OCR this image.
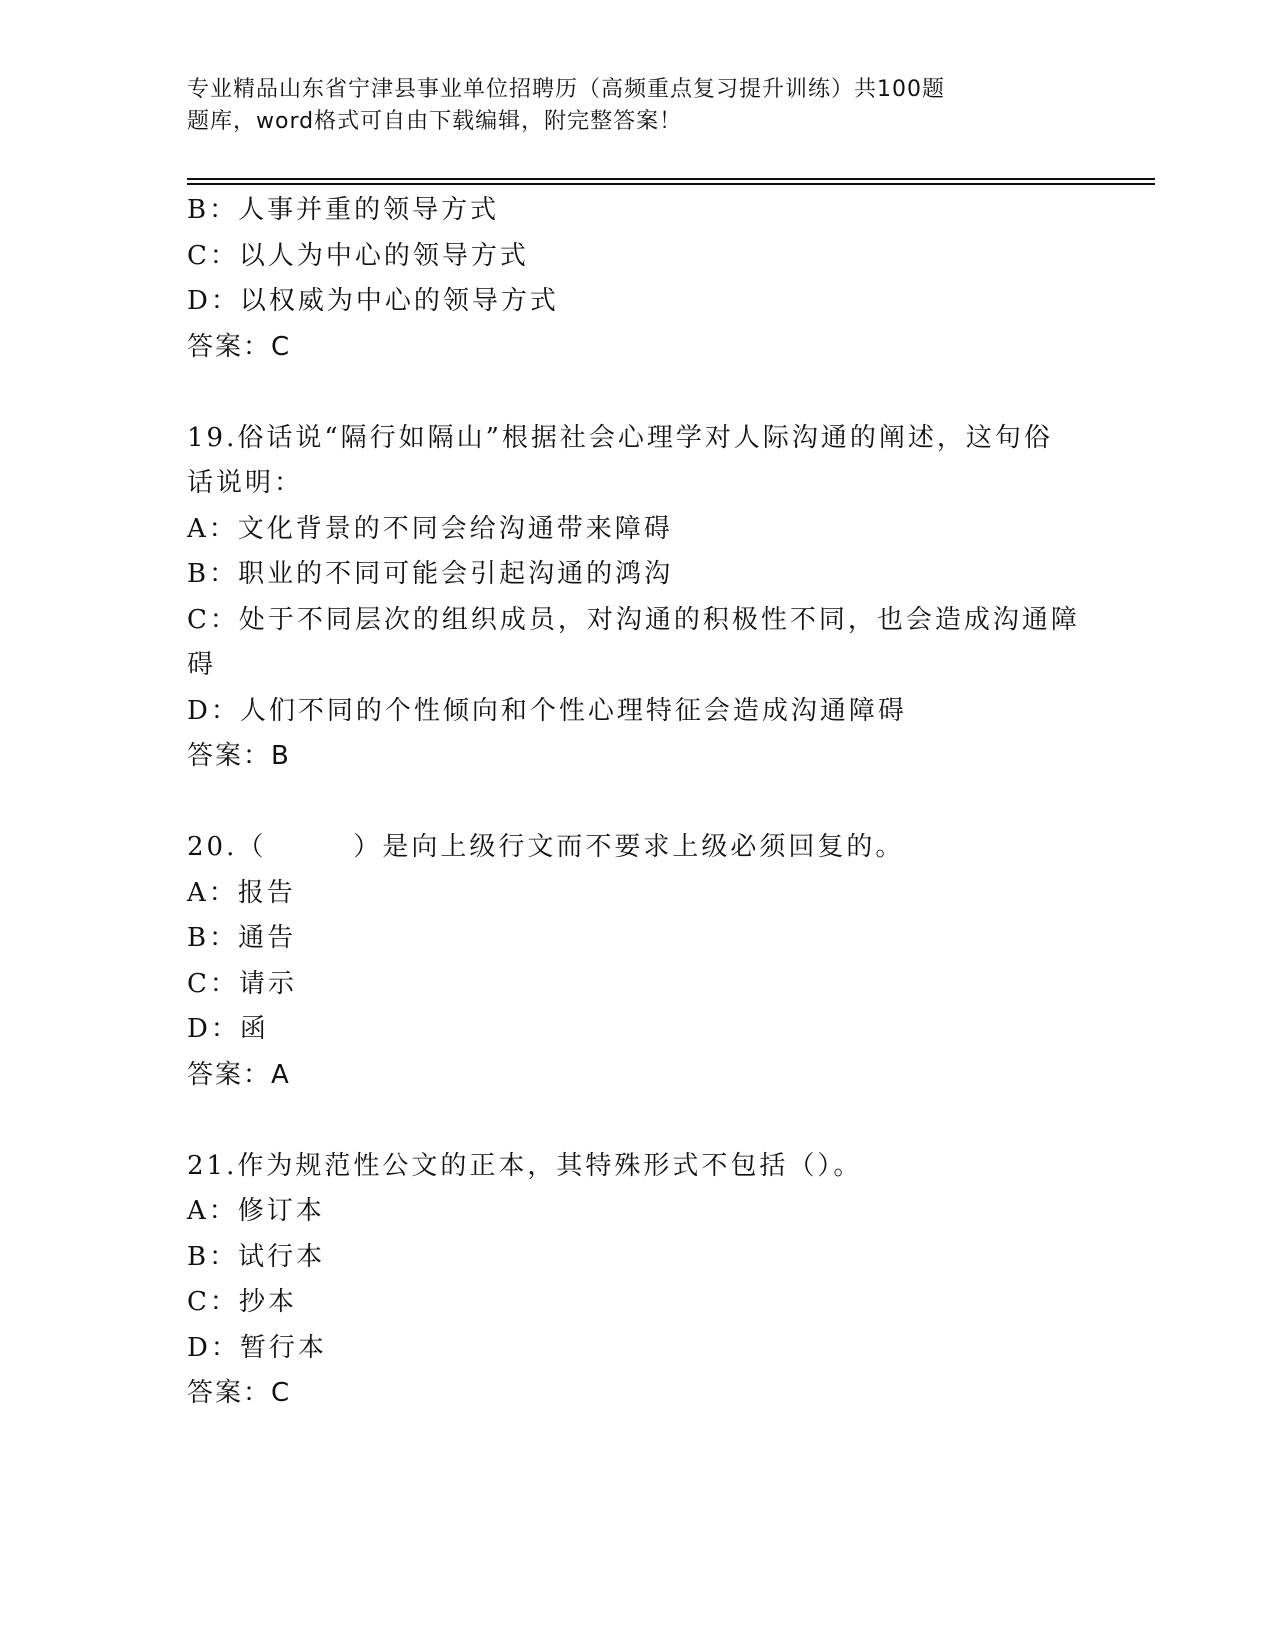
专业精品山东省宁津县事业单位招聘历（高频重点复习提升训练）共100题
题库，word格式可自由下载编辑，附完整答案！
B：人事并重的领导方式
C：以人为中心的领导方式
D：以权威为中心的领导方式
答案：C
19.俗话说“隔行如隔山”根据社会心理学对人际沟通的阐述，这句俗
话说明：
A：文化背景的不同会给沟通带来障碍
B：职业的不同可能会引起沟通的鸿沟
C：处于不同层次的组织成员，对沟通的积极性不同，也会造成沟通障
碍
D：人们不同的个性倾向和个性心理特征会造成沟通障碍
答案：B
20.（　　　）是向上级行文而不要求上级必须回复的。
A：报告
B：通告
C：请示
D：函
答案：A
21.作为规范性公文的正本，其特殊形式不包括（）。
A：修订本
B：试行本
C：抄本
D：暂行本
答案：C
